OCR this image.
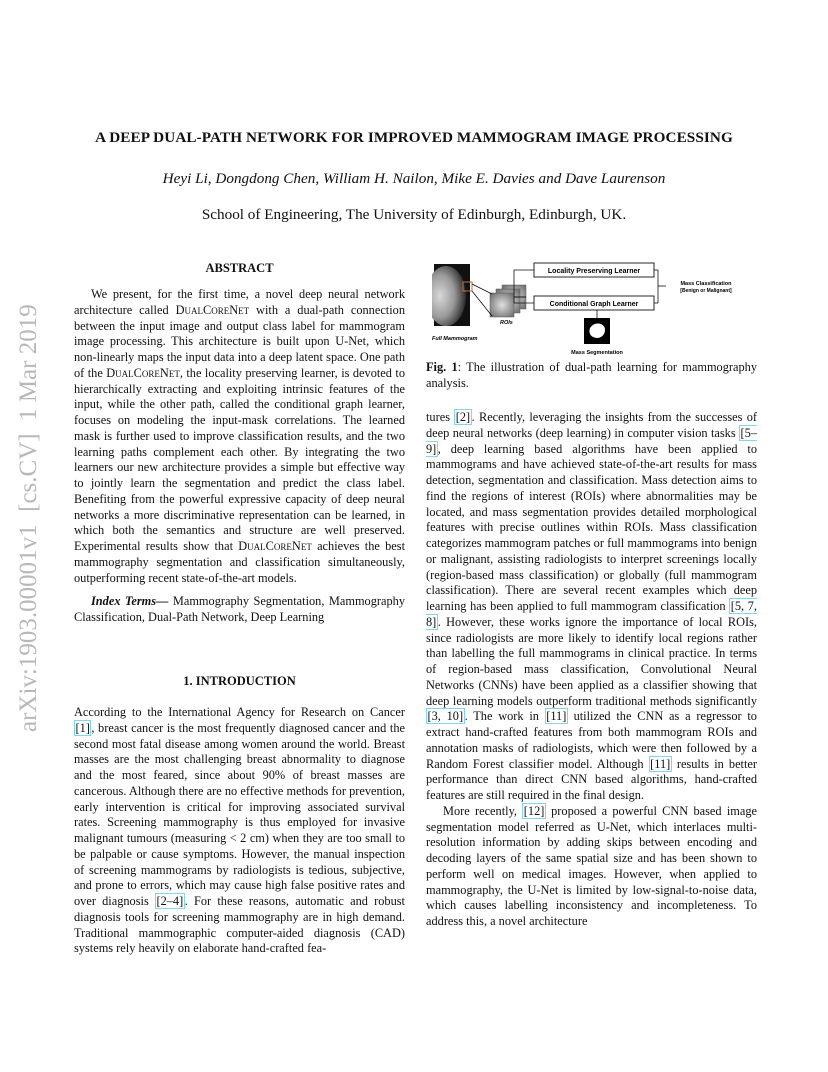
arXiv:1903.00001v1  [cs.CV]  1 Mar 2019
A DEEP DUAL-PATH NETWORK FOR IMPROVED MAMMOGRAM IMAGE PROCESSING
Heyi Li, Dongdong Chen, William H. Nailon, Mike E. Davies and Dave Laurenson
School of Engineering, The University of Edinburgh, Edinburgh, UK.
ABSTRACT

We present, for the first time, a novel deep neural network architecture called DualCoreNet with a dual-path connection between the input image and output class label for mammogram image processing. This architecture is built upon U-Net, which non-linearly maps the input data into a deep latent space. One path of the DualCoreNet, the locality preserving learner, is devoted to hierarchically extracting and exploiting intrinsic features of the input, while the other path, called the conditional graph learner, focuses on modeling the input-mask correlations. The learned mask is further used to improve classification results, and the two learning paths complement each other. By integrating the two learners our new architecture provides a simple but effective way to jointly learn the segmentation and predict the class label. Benefiting from the powerful expressive capacity of deep neural networks a more discriminative representation can be learned, in which both the semantics and structure are well preserved. Experimental results show that DualCoreNet achieves the best mammography segmentation and classification simultaneously, outperforming recent state-of-the-art models.

Index Terms— Mammography Segmentation, Mammography Classification, Dual-Path Network, Deep Learning

1. INTRODUCTION

According to the International Agency for Research on Cancer [1] , breast cancer is the most frequently diagnosed cancer and the second most fatal disease among women around the world. Breast masses are the most challenging breast abnormality to diagnose and the most feared, since about 90% of breast masses are cancerous. Although there are no effective methods for prevention, early intervention is critical for improving associated survival rates. Screening mammography is thus employed for invasive malignant tumours (measuring < 2 cm) when they are too small to be palpable or cause symptoms. However, the manual inspection of screening mammograms by radiologists is tedious, subjective, and prone to errors, which may cause high false positive rates and over diagnosis [2–4] . For these reasons, automatic and robust diagnosis tools for screening mammography are in high demand. Traditional mammographic computer-aided diagnosis (CAD) systems rely heavily on elaborate hand-crafted fea-

Full Mammogram
ROIs
Locality Preserving Learner
Conditional Graph Learner
Mass Classification
[Benign or Malignant]
Mass Segmentation
Fig. 1: The illustration of dual-path learning for mammography analysis.

tures [2] . Recently, leveraging the insights from the successes of deep neural networks (deep learning) in computer vision tasks [5–9] , deep learning based algorithms have been applied to mammograms and have achieved state-of-the-art results for mass detection, segmentation and classification. Mass detection aims to find the regions of interest (ROIs) where abnormalities may be located, and mass segmentation provides detailed morphological features with precise outlines within ROIs. Mass classification categorizes mammogram patches or full mammograms into benign or malignant, assisting radiologists to interpret screenings locally (region-based mass classification) or globally (full mammogram classification). There are several recent examples which deep learning has been applied to full mammogram classification [5, 7, 8] . However, these works ignore the importance of local ROIs, since radiologists are more likely to identify local regions rather than labelling the full mammograms in clinical practice. In terms of region-based mass classification, Convolutional Neural Networks (CNNs) have been applied as a classifier showing that deep learning models outperform traditional methods significantly [3, 10] . The work in [11] utilized the CNN as a regressor to extract hand-crafted features from both mammogram ROIs and annotation masks of radiologists, which were then followed by a Random Forest classifier model. Although [11] results in better performance than direct CNN based algorithms, hand-crafted features are still required in the final design.

More recently, [12] proposed a powerful CNN based image segmentation model referred as U-Net, which interlaces multi-resolution information by adding skips between encoding and decoding layers of the same spatial size and has been shown to perform well on medical images. However, when applied to mammography, the U-Net is limited by low-signal-to-noise data, which causes labelling inconsistency and incompleteness. To address this, a novel architecture
